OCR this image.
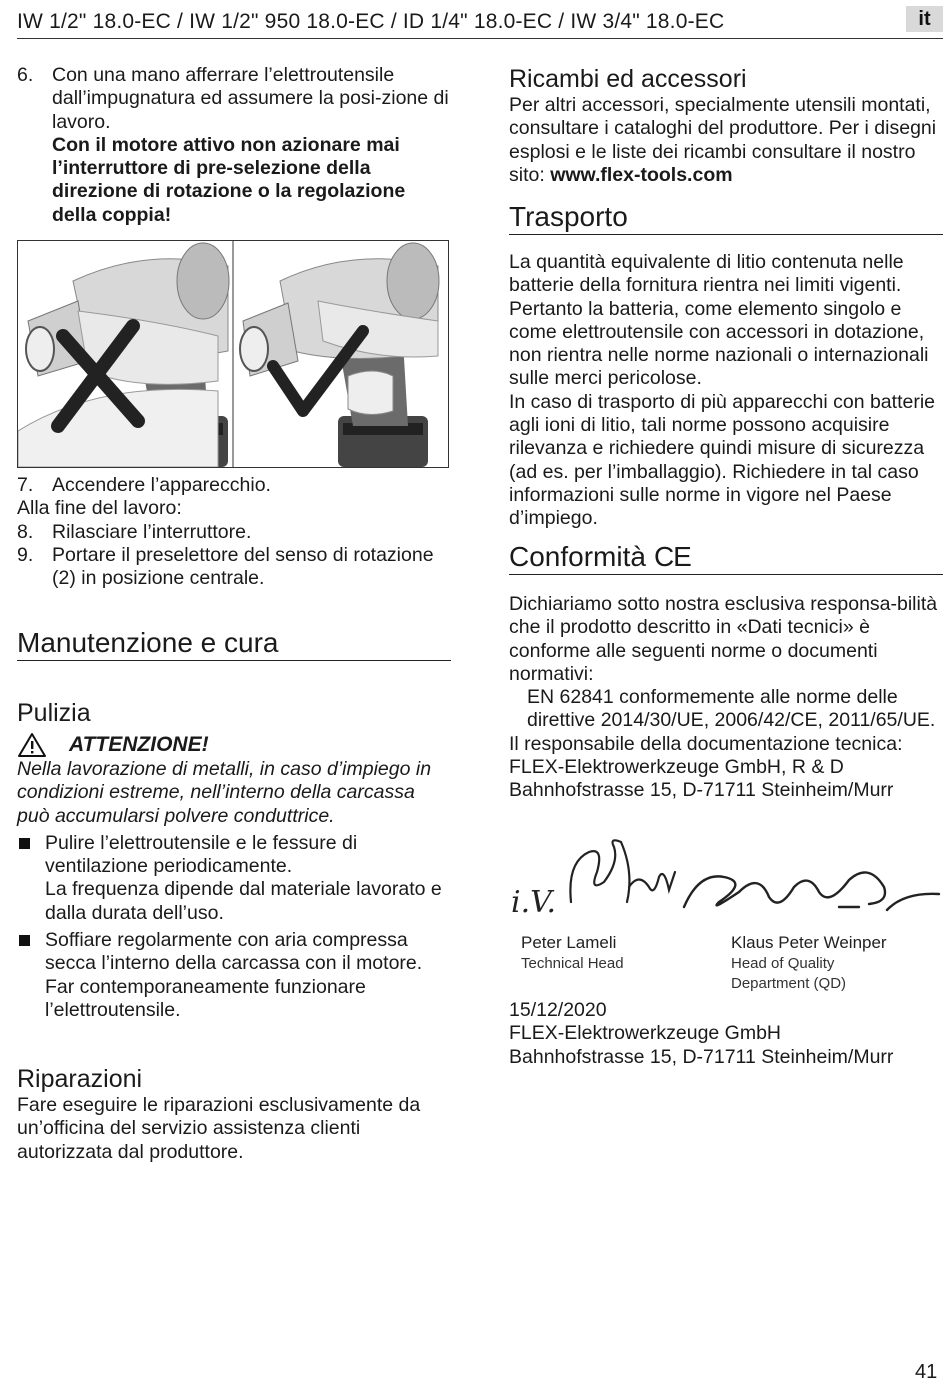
IW 1/2" 18.0-EC / IW 1/2" 950 18.0-EC / ID 1/4" 18.0-EC / IW 3/4" 18.0-EC	it

6. Con una mano afferrare l’elettroutensile dall’impugnatura ed assumere la posi-zione di lavoro.

Con il motore attivo non azionare mai l’interruttore di pre-selezione della direzione di rotazione o la regolazione della coppia!

7. Accendere l’apparecchio.

Alla fine del lavoro:

8. Rilasciare l’interruttore.

9. Portare il preselettore del senso di rotazione (2) in posizione centrale.

Manutenzione e cura
Pulizia
ATTENZIONE!

Nella lavorazione di metalli, in caso d’impiego in condizioni estreme, nell’interno della carcassa può accumularsi polvere conduttrice.

Pulire l’elettroutensile e le fessure di ventilazione periodicamente.

La frequenza dipende dal materiale lavorato e dalla durata dell’uso.

Soffiare regolarmente con aria compressa secca l’interno della carcassa con il motore. Far contemporaneamente funzionare l’elettroutensile.

Riparazioni

Fare eseguire le riparazioni esclusivamente da un’officina del servizio assistenza clienti autorizzata dal produttore.

Ricambi ed accessori

Per altri accessori, specialmente utensili montati, consultare i cataloghi del produttore. Per i disegni esplosi e le liste dei ricambi consultare il nostro sito: www.flex-tools.com

Trasporto

La quantità equivalente di litio contenuta nelle batterie della fornitura rientra nei limiti vigenti. Pertanto la batteria, come elemento singolo e come elettroutensile con accessori in dotazione, non rientra nelle norme nazionali o internazionali sulle merci pericolose.

In caso di trasporto di più apparecchi con batterie agli ioni di litio, tali norme possono acquisire rilevanza e richiedere quindi misure di sicurezza (ad es. per l’imballaggio). Richiedere in tal caso informazioni sulle norme in vigore nel Paese d’impiego.

Conformità CE

Dichiariamo sotto nostra esclusiva responsa-bilità che il prodotto descritto in «Dati tecnici» è conforme alle seguenti norme o documenti normativi:

EN 62841 conformemente alle norme delle direttive 2014/30/UE, 2006/42/CE, 2011/65/UE.

Il responsabile della documentazione tecnica:

FLEX-Elektrowerkzeuge GmbH, R & D

Bahnhofstrasse 15, D-71711 Steinheim/Murr

i.V.
Peter Lameli
Technical Head
Klaus Peter Weinper
Head of Quality Department (QD)

15/12/2020

FLEX-Elektrowerkzeuge GmbH

Bahnhofstrasse 15, D-71711 Steinheim/Murr

41
